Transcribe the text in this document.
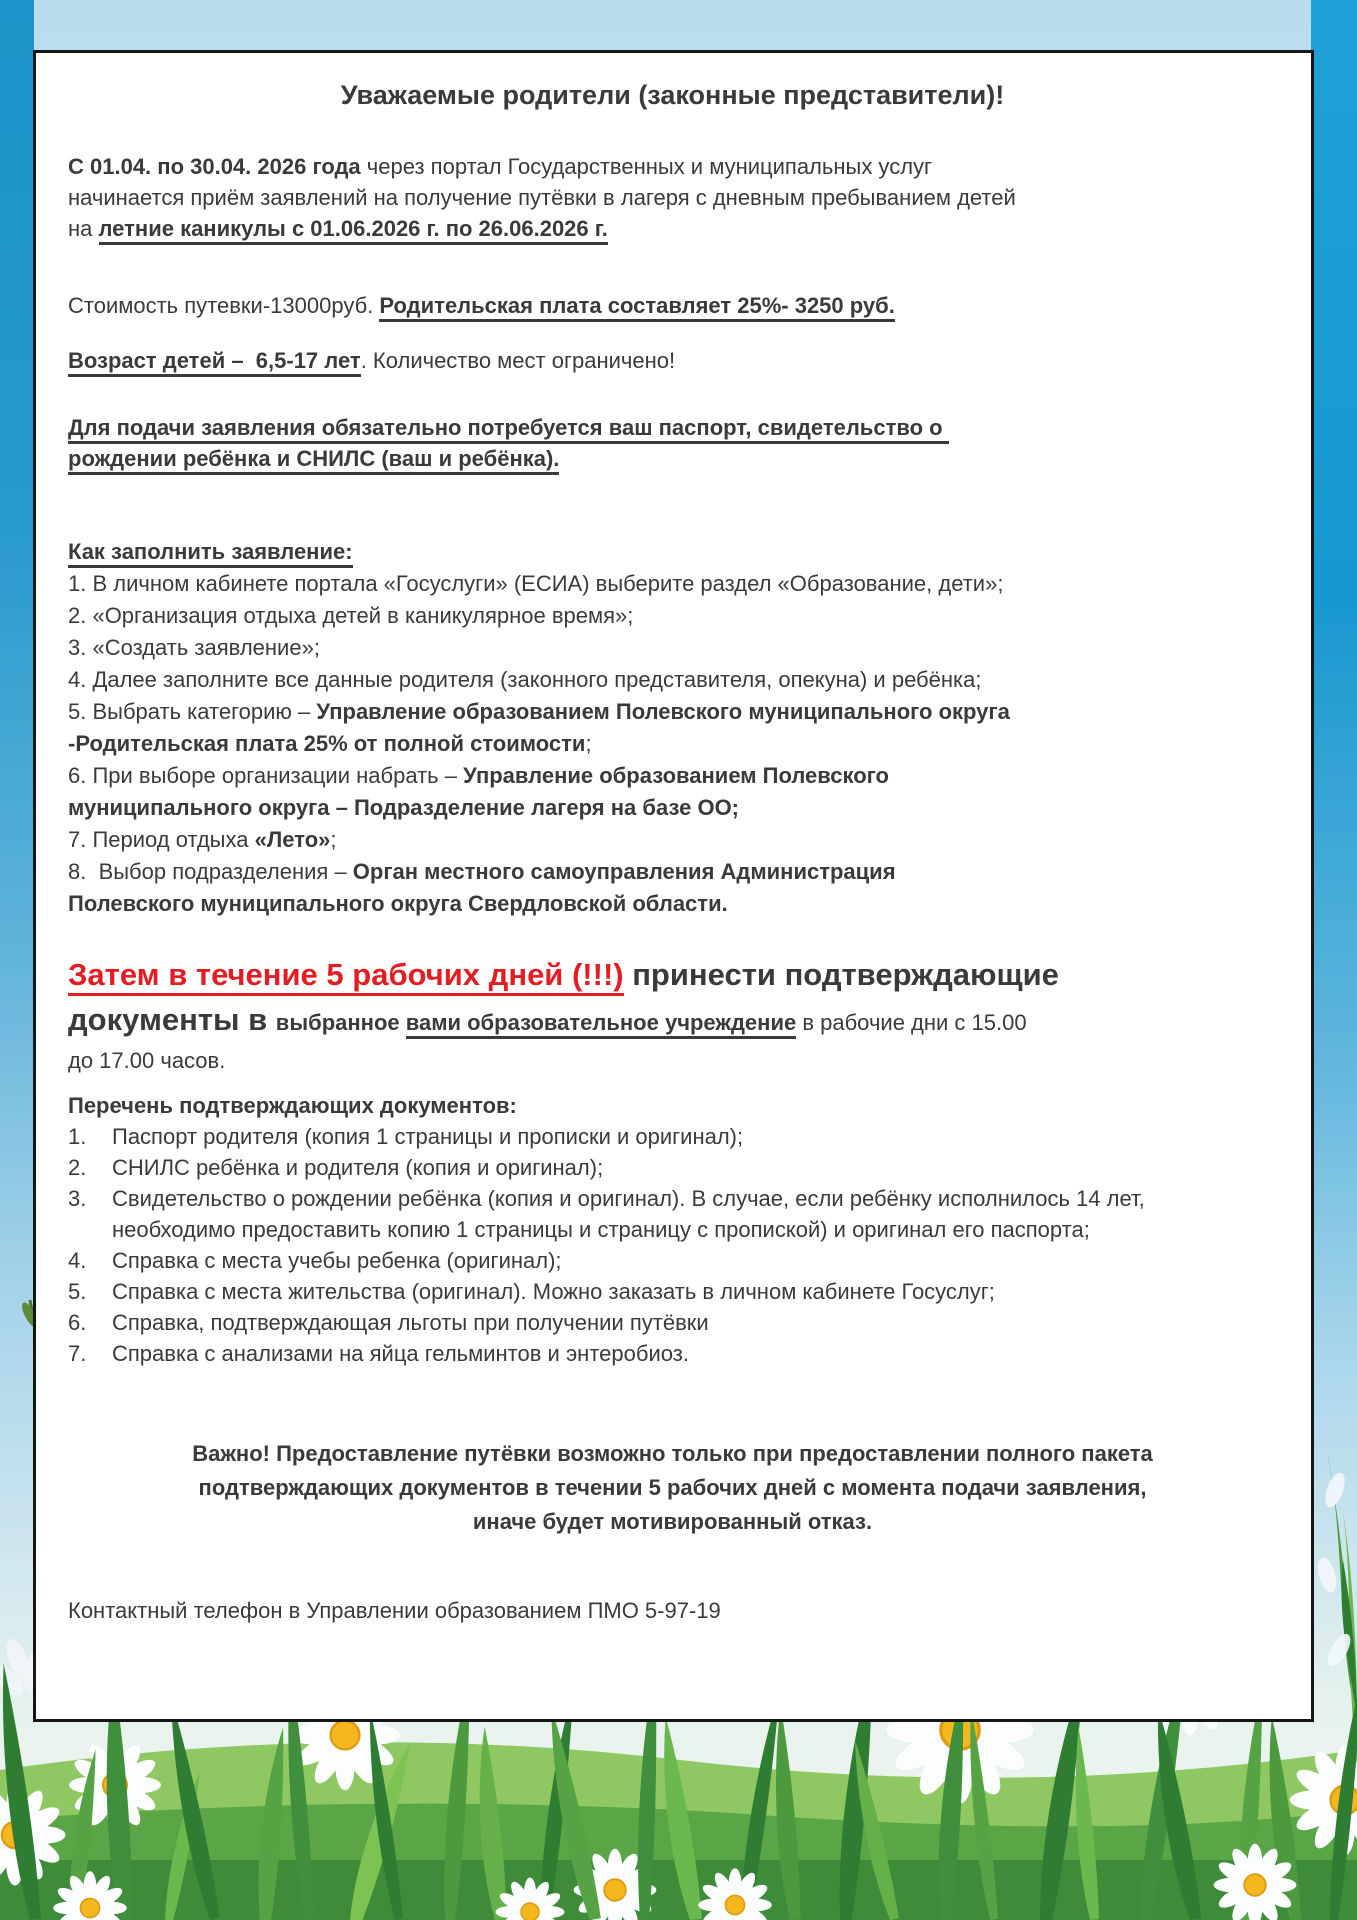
Уважаемые родители (законные представители)!

С 01.04. по 30.04. 2026 года через портал Государственных и муниципальных услуг

начинается приём заявлений на получение путёвки в лагеря с дневным пребыванием детей

на летние каникулы с 01.06.2026 г. по 26.06.2026 г.

Стоимость путевки-13000руб. Родительская плата составляет 25%- 3250 руб.

Возраст детей –  6,5-17 лет. Количество мест ограничено!

Для подачи заявления обязательно потребуется ваш паспорт, свидетельство о

рождении ребёнка и СНИЛС (ваш и ребёнка).

Как заполнить заявление:

1. В личном кабинете портала «Госуслуги» (ЕСИА) выберите раздел «Образование, дети»;

2. «Организация отдыха детей в каникулярное время»;

3. «Создать заявление»;

4. Далее заполните все данные родителя (законного представителя, опекуна) и ребёнка;

5. Выбрать категорию – Управление образованием Полевского муниципального округа

-Родительская плата 25% от полной стоимости;

6. При выборе организации набрать – Управление образованием Полевского

муниципального округа – Подразделение лагеря на базе ОО;

7. Период отдыха «Лето»;

8.  Выбор подразделения – Орган местного самоуправления Администрация

Полевского муниципального округа Свердловской области.

Затем в течение 5 рабочих дней (!!!) принести подтверждающие

документы в выбранное вами образовательное учреждение в рабочие дни с 15.00

до 17.00 часов.

Перечень подтверждающих документов:

1.	Паспорт родителя (копия 1 страницы и прописки и оригинал);
2.	СНИЛС ребёнка и родителя (копия и оригинал);
3.	Свидетельство о рождении ребёнка (копия и оригинал). В случае, если ребёнку исполнилось 14 лет, необходимо предоставить копию 1 страницы и страницу с пропиской) и оригинал его паспорта;
4.	Справка с места учебы ребенка (оригинал);
5.	Справка с места жительства (оригинал). Можно заказать в личном кабинете Госуслуг;
6.	Справка, подтверждающая льготы при получении путёвки
7.	Справка с анализами на яйца гельминтов и энтеробиоз.

Важно! Предоставление путёвки возможно только при предоставлении полного пакета подтверждающих документов в течении 5 рабочих дней с момента подачи заявления, иначе будет мотивированный отказ.

Контактный телефон в Управлении образованием ПМО 5-97-19
